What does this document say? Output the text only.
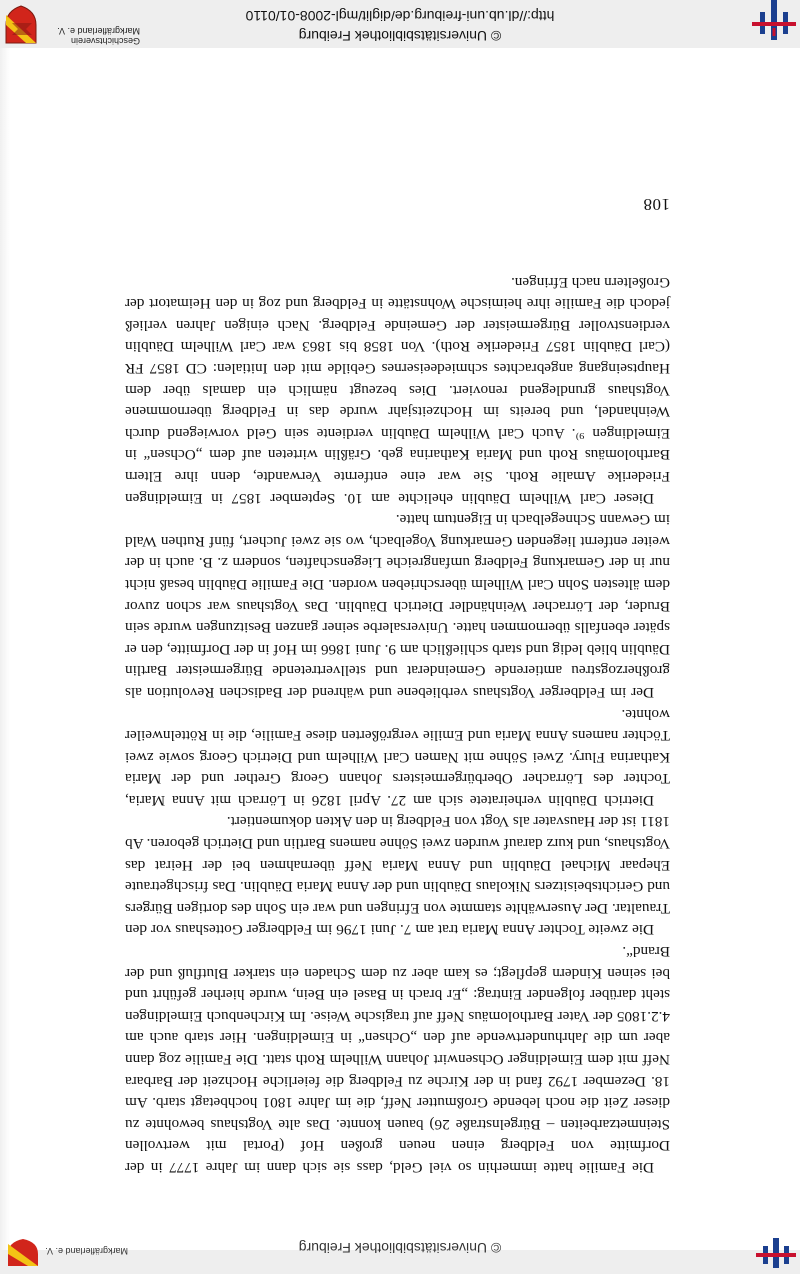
© Universitätsbibliothek Freiburg
http://dl.ub.uni-freiburg.de/diglit/mgl-2008-01/0110
Geschichtsverein
Markgräflerland e. V.
108

Die Familie hatte immerhin so viel Geld, dass sie sich dann im Jahre 1777 in der Dorfmitte von Feldberg einen neuen großen Hof (Portal mit wertvollen Steinmetzarbeiten – Bürgelnstraße 26) bauen konnte. Das alte Vogtshaus bewohnte zu dieser Zeit die noch lebende Großmutter Neff, die im Jahre 1801 hochbetagt starb. Am 18. Dezember 1792 fand in der Kirche zu Feldberg die feierliche Hochzeit der Barbara Neff mit dem Eimeldinger Ochsenwirt Johann Wilhelm Roth statt. Die Familie zog dann aber um die Jahrhundertwende auf den „Ochsen“ in Eimeldingen. Hier starb auch am 4.2.1805 der Vater Bartholomäus Neff auf tragische Weise. Im Kirchenbuch Eimeldingen steht darüber folgender Eintrag: „Er brach in Basel ein Bein, wurde hierher geführt und bei seinen Kindern gepflegt; es kam aber zu dem Schaden ein starker Blutfluß und der Brand“.

Die zweite Tochter Anna Maria trat am 7. Juni 1796 im Feldberger Gotteshaus vor den Traualtar. Der Auserwählte stammte von Efringen und war ein Sohn des dortigen Bürgers und Gerichtsbeisitzers Nikolaus Däublin und der Anna Maria Däublin. Das frischgetraute Ehepaar Michael Däublin und Anna Maria Neff übernahmen bei der Heirat das Vogtshaus, und kurz darauf wurden zwei Söhne namens Bartlin und Dietrich geboren. Ab 1811 ist der Hausvater als Vogt von Feldberg in den Akten dokumentiert.

Dietrich Däublin verheiratete sich am 27. April 1826 in Lörrach mit Anna Maria, Tochter des Lörracher Oberbürgermeisters Johann Georg Grether und der Maria Katharina Flury. Zwei Söhne mit Namen Carl Wilhelm und Dietrich Georg sowie zwei Töchter namens Anna Maria und Emilie vergrößerten diese Familie, die in Röttelnweiler wohnte.

Der im Feldberger Vogtshaus verbliebene und während der Badischen Revolution als großherzogstreu amtierende Gemeinderat und stellvertretende Bürgermeister Bartlin Däublin blieb ledig und starb schließlich am 9. Juni 1866 im Hof in der Dorfmitte, den er später ebenfalls übernommen hatte. Universalerbe seiner ganzen Besitzungen wurde sein Bruder, der Lörracher Weinhändler Dietrich Däublin. Das Vogtshaus war schon zuvor dem ältesten Sohn Carl Wilhelm überschrieben worden. Die Familie Däublin besaß nicht nur in der Gemarkung Feldberg umfangreiche Liegenschaften, sondern z. B. auch in der weiter entfernt liegenden Gemarkung Vogelbach, wo sie zwei Juchert, fünf Ruthen Wald im Gewann Schnegelbach in Eigentum hatte.

Dieser Carl Wilhelm Däublin ehelichte am 10. September 1857 in Eimeldingen Friederike Amalie Roth. Sie war eine entfernte Verwandte, denn ihre Eltern Bartholomäus Roth und Maria Katharina geb. Gräßlin wirteten auf dem „Ochsen“ in Eimeldingen ⁹⁾. Auch Carl Wilhelm Däublin verdiente sein Geld vorwiegend durch Weinhandel, und bereits im Hochzeitsjahr wurde das in Feldberg übernommene Vogtshaus grundlegend renoviert. Dies bezeugt nämlich ein damals über dem Hauptseingang angebrachtes schmiedeeisernes Gebilde mit den Initialen: CD 1857 FR (Carl Däublin 1857 Friederike Roth). Von 1858 bis 1863 war Carl Wilhelm Däublin verdienstvoller Bürgermeister der Gemeinde Feldberg. Nach einigen Jahren verließ jedoch die Familie ihre heimische Wohnstätte in Feldberg und zog in den Heimatort der Großeltern nach Efringen.

© Universitätsbibliothek Freiburg
Markgräflerland e. V.
